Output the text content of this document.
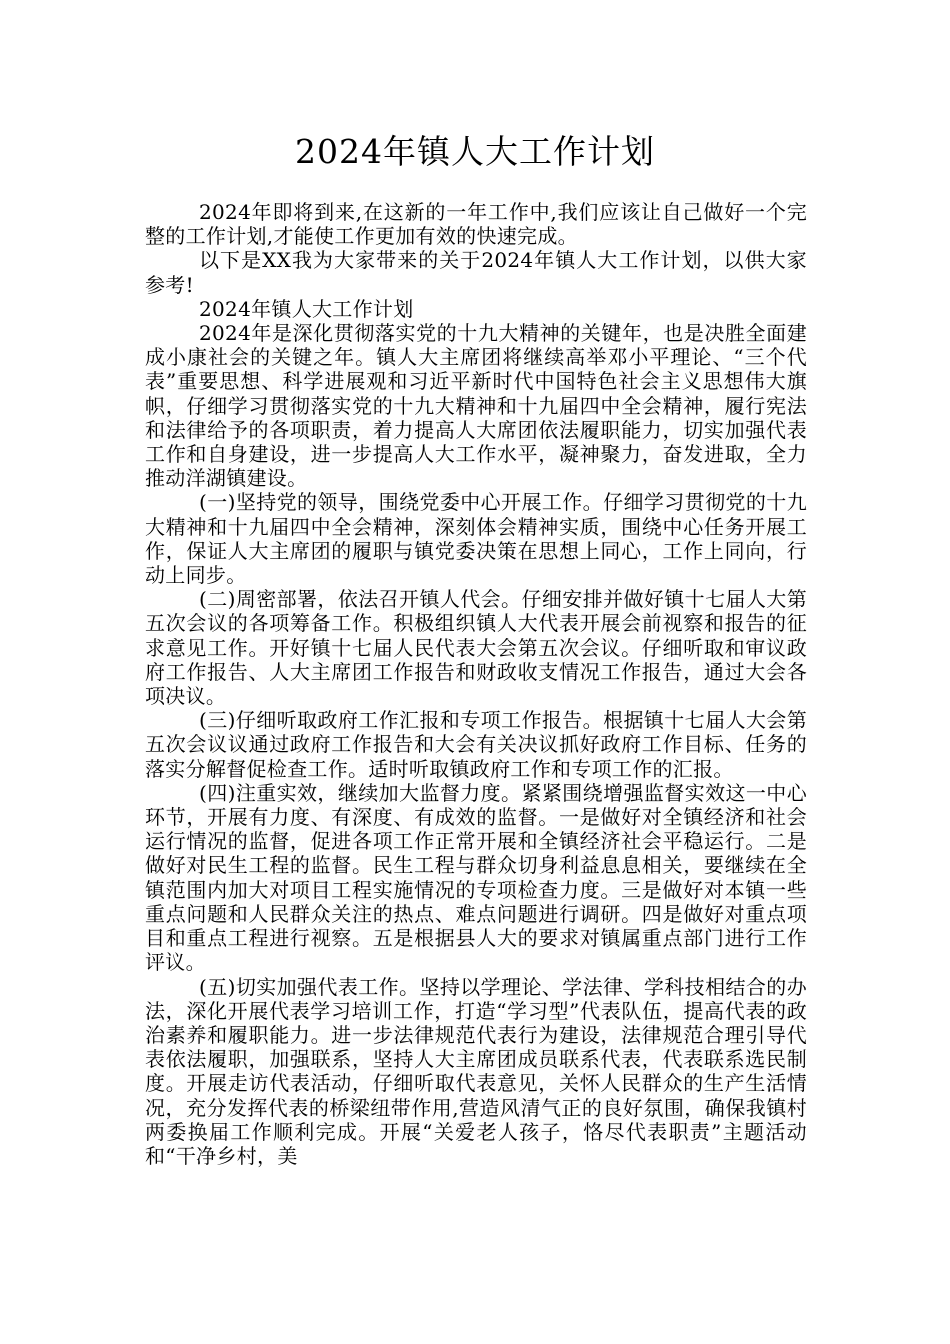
2024年镇人大工作计划

2024年即将到来,在这新的一年工作中,我们应该让自己做好一个完整的工作计划,才能使工作更加有效的快速完成。

以下是XX我为大家带来的关于2024年镇人大工作计划，以供大家参考!

2024年镇人大工作计划

2024年是深化贯彻落实党的十九大精神的关键年，也是决胜全面建成小康社会的关键之年。镇人大主席团将继续高举邓小平理论、“三个代表”重要思想、科学进展观和习近平新时代中国特色社会主义思想伟大旗帜，仔细学习贯彻落实党的十九大精神和十九届四中全会精神，履行宪法和法律给予的各项职责，着力提高人大席团依法履职能力，切实加强代表工作和自身建设，进一步提高人大工作水平，凝神聚力，奋发进取，全力推动洋湖镇建设。

(一)坚持党的领导，围绕党委中心开展工作。仔细学习贯彻党的十九大精神和十九届四中全会精神，深刻体会精神实质，围绕中心任务开展工作，保证人大主席团的履职与镇党委决策在思想上同心，工作上同向，行动上同步。

(二)周密部署，依法召开镇人代会。仔细安排并做好镇十七届人大第五次会议的各项筹备工作。积极组织镇人大代表开展会前视察和报告的征求意见工作。开好镇十七届人民代表大会第五次会议。仔细听取和审议政府工作报告、人大主席团工作报告和财政收支情况工作报告，通过大会各项决议。

(三)仔细听取政府工作汇报和专项工作报告。根据镇十七届人大会第五次会议议通过政府工作报告和大会有关决议抓好政府工作目标、任务的落实分解督促检查工作。适时听取镇政府工作和专项工作的汇报。

(四)注重实效，继续加大监督力度。紧紧围绕增强监督实效这一中心环节，开展有力度、有深度、有成效的监督。一是做好对全镇经济和社会运行情况的监督，促进各项工作正常开展和全镇经济社会平稳运行。二是做好对民生工程的监督。民生工程与群众切身利益息息相关，要继续在全镇范围内加大对项目工程实施情况的专项检查力度。三是做好对本镇一些重点问题和人民群众关注的热点、难点问题进行调研。四是做好对重点项目和重点工程进行视察。五是根据县人大的要求对镇属重点部门进行工作评议。

(五)切实加强代表工作。坚持以学理论、学法律、学科技相结合的办法，深化开展代表学习培训工作，打造“学习型”代表队伍，提高代表的政治素养和履职能力。进一步法律规范代表行为建设，法律规范合理引导代表依法履职，加强联系，坚持人大主席团成员联系代表，代表联系选民制度。开展走访代表活动，仔细听取代表意见，关怀人民群众的生产生活情况，充分发挥代表的桥梁纽带作用,营造风清气正的良好氛围，确保我镇村两委换届工作顺利完成。开展“关爱老人孩子，恪尽代表职责”主题活动和“干净乡村，美
